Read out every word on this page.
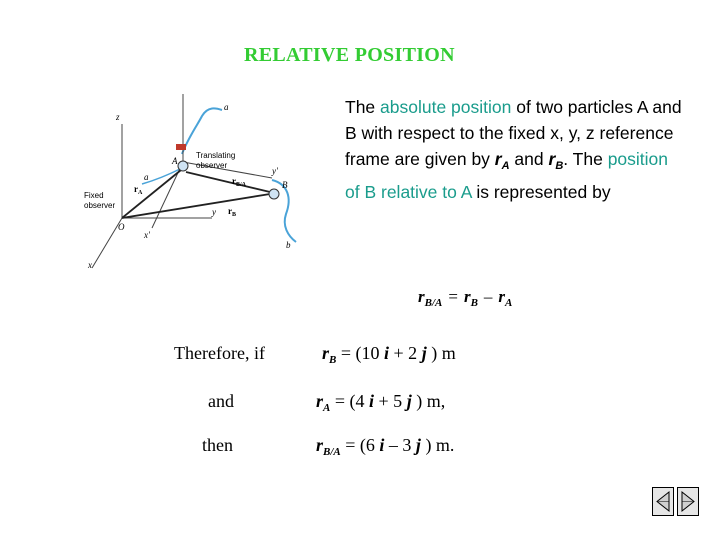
RELATIVE POSITION
z
x
x'
y
y'
O
A
B
a
a
b
Fixed
observer
Translating
observer
$r_A$
$r_B$
$r_{B/A}$
The absolute position of two particles A and B with respect to the fixed x, y, z reference frame are given by $r_A$ and $r_B$. The position of B relative to A is represented by
$r_{B/A} = r_B - r_A$
Therefore, if	$r_B = (10$ i + 2 j ) m
and	$r_A = (4$ i + 5 j ) m,
then	$r_{B/A} = (6$ i – 3 j ) m.
